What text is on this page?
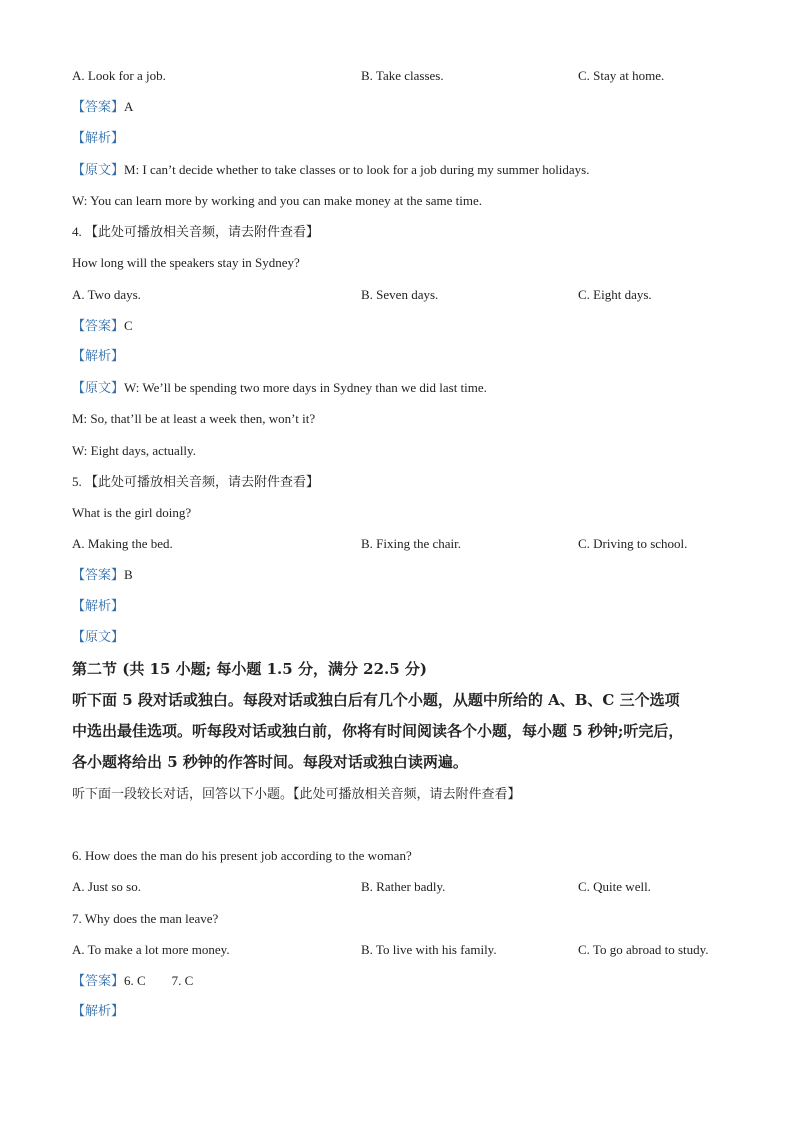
A. Look for a job.	B. Take classes.	C. Stay at home.
【答案】A
【解析】
【原文】M: I can’t decide whether to take classes or to look for a job during my summer holidays.
W: You can learn more by working and you can make money at the same time.
4. 【此处可播放相关音频，请去附件查看】
How long will the speakers stay in Sydney?
A. Two days.	B. Seven days.	C. Eight days.
【答案】C
【解析】
【原文】W: We’ll be spending two more days in Sydney than we did last time.
M: So, that’ll be at least a week then, won’t it?
W: Eight days, actually.
5. 【此处可播放相关音频，请去附件查看】
What is the girl doing?
A. Making the bed.	B. Fixing the chair.	C. Driving to school.
【答案】B
【解析】
【原文】
第二节 (共 15 小题; 每小题 1.5 分，满分 22.5 分)
听下面 5 段对话或独白。每段对话或独白后有几个小题，从题中所给的 A、B、C 三个选项
中选出最佳选项。听每段对话或独白前，你将有时间阅读各个小题，每小题 5 秒钟;听完后，
各小题将给出 5 秒钟的作答时间。每段对话或独白读两遍。
听下面一段较长对话，回答以下小题。【此处可播放相关音频，请去附件查看】
6. How does the man do his present job according to the woman?
A. Just so so.	B. Rather badly.	C. Quite well.
7. Why does the man leave?
A. To make a lot more money.	B. To live with his family.	C. To go abroad to study.
【答案】6. C        7. C
【解析】
